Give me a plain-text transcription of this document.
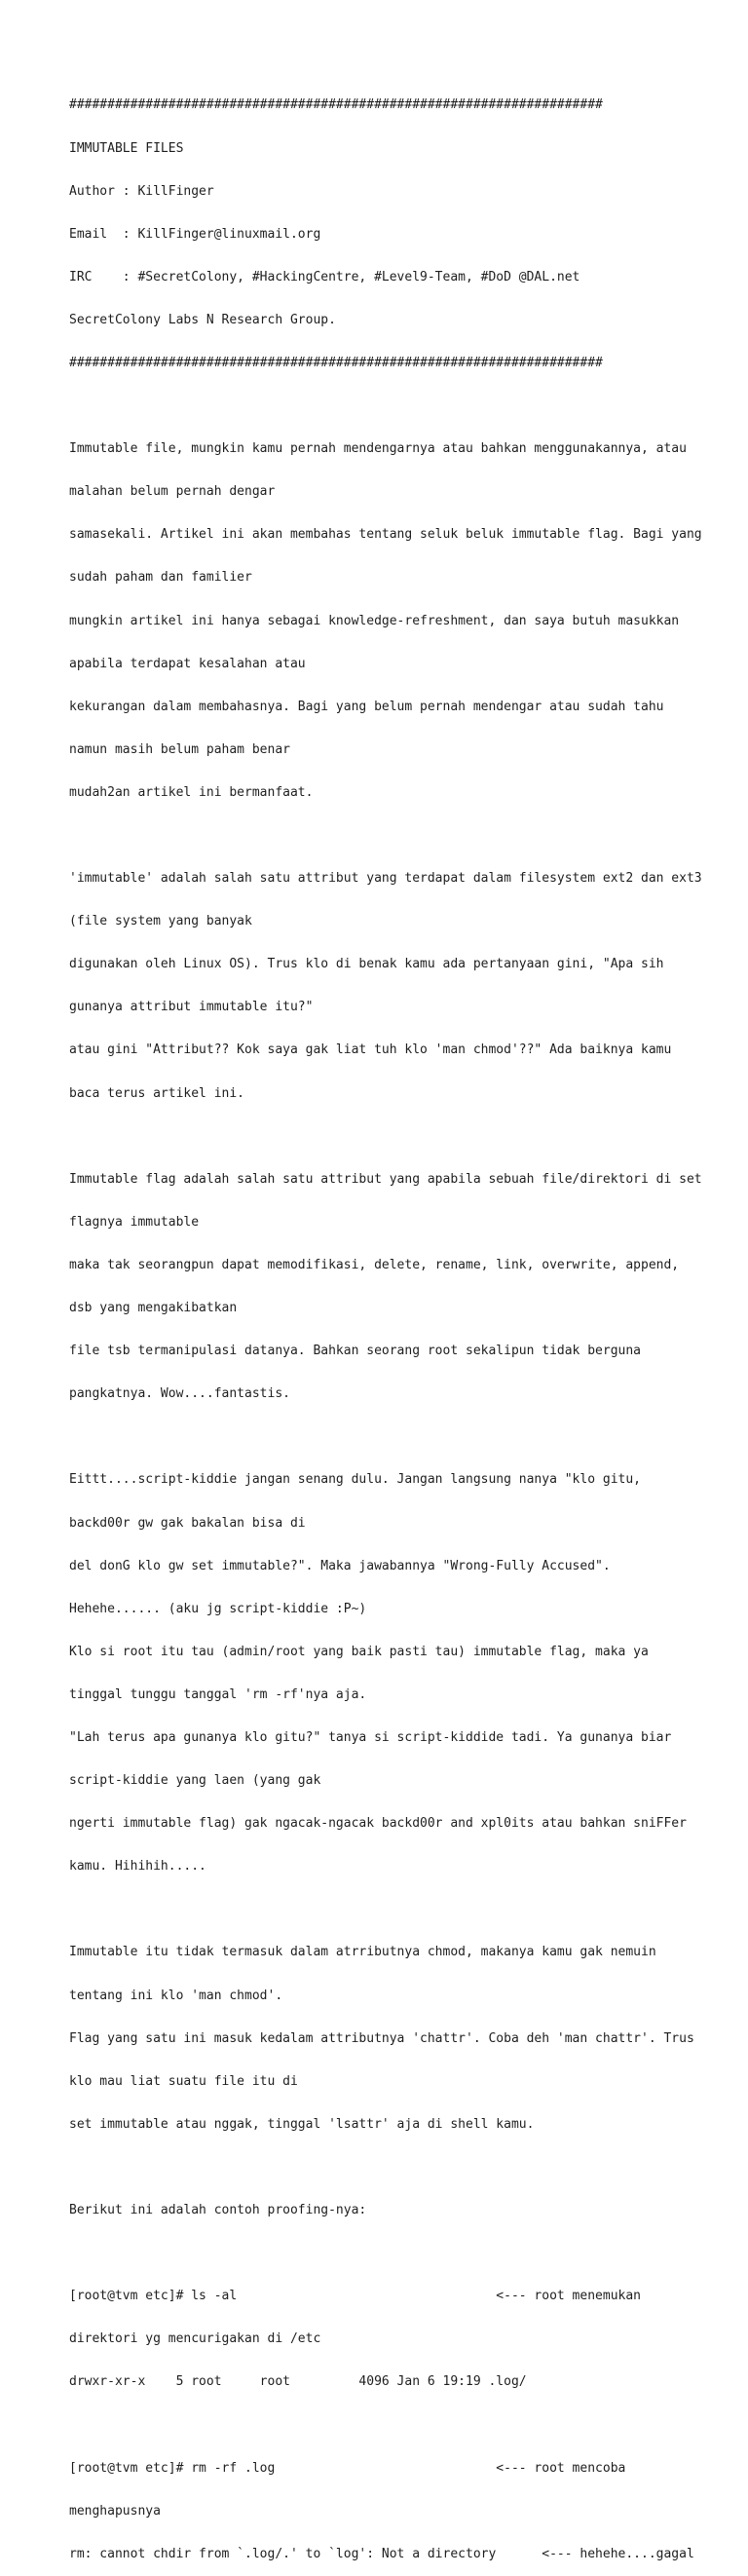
######################################################################

IMMUTABLE FILES

Author : KillFinger

Email  : KillFinger@linuxmail.org

IRC    : #SecretColony, #HackingCentre, #Level9-Team, #DoD @DAL.net

SecretColony Labs N Research Group.

######################################################################

Immutable file, mungkin kamu pernah mendengarnya atau bahkan menggunakannya, atau

malahan belum pernah dengar

samasekali. Artikel ini akan membahas tentang seluk beluk immutable flag. Bagi yang

sudah paham dan familier

mungkin artikel ini hanya sebagai knowledge-refreshment, dan saya butuh masukkan

apabila terdapat kesalahan atau

kekurangan dalam membahasnya. Bagi yang belum pernah mendengar atau sudah tahu

namun masih belum paham benar

mudah2an artikel ini bermanfaat.

'immutable' adalah salah satu attribut yang terdapat dalam filesystem ext2 dan ext3

(file system yang banyak

digunakan oleh Linux OS). Trus klo di benak kamu ada pertanyaan gini, "Apa sih

gunanya attribut immutable itu?"

atau gini "Attribut?? Kok saya gak liat tuh klo 'man chmod'??" Ada baiknya kamu

baca terus artikel ini.

Immutable flag adalah salah satu attribut yang apabila sebuah file/direktori di set

flagnya immutable

maka tak seorangpun dapat memodifikasi, delete, rename, link, overwrite, append,

dsb yang mengakibatkan

file tsb termanipulasi datanya. Bahkan seorang root sekalipun tidak berguna

pangkatnya. Wow....fantastis.

Eittt....script-kiddie jangan senang dulu. Jangan langsung nanya "klo gitu,

backd00r gw gak bakalan bisa di

del donG klo gw set immutable?". Maka jawabannya "Wrong-Fully Accused".

Hehehe...... (aku jg script-kiddie :P~)

Klo si root itu tau (admin/root yang baik pasti tau) immutable flag, maka ya

tinggal tunggu tanggal 'rm -rf'nya aja.

"Lah terus apa gunanya klo gitu?" tanya si script-kiddide tadi. Ya gunanya biar

script-kiddie yang laen (yang gak

ngerti immutable flag) gak ngacak-ngacak backd00r and xpl0its atau bahkan sniFFer

kamu. Hihihih.....

Immutable itu tidak termasuk dalam atrributnya chmod, makanya kamu gak nemuin

tentang ini klo 'man chmod'.

Flag yang satu ini masuk kedalam attributnya 'chattr'. Coba deh 'man chattr'. Trus

klo mau liat suatu file itu di

set immutable atau nggak, tinggal 'lsattr' aja di shell kamu.

Berikut ini adalah contoh proofing-nya:

[root@tvm etc]# ls -al                                  <--- root menemukan

direktori yg mencurigakan di /etc

drwxr-xr-x    5 root     root         4096 Jan 6 19:19 .log/

[root@tvm etc]# rm -rf .log                             <--- root mencoba

menghapusnya

rm: cannot chdir from `.log/.' to `log': Not a directory      <--- hehehe....gagal
